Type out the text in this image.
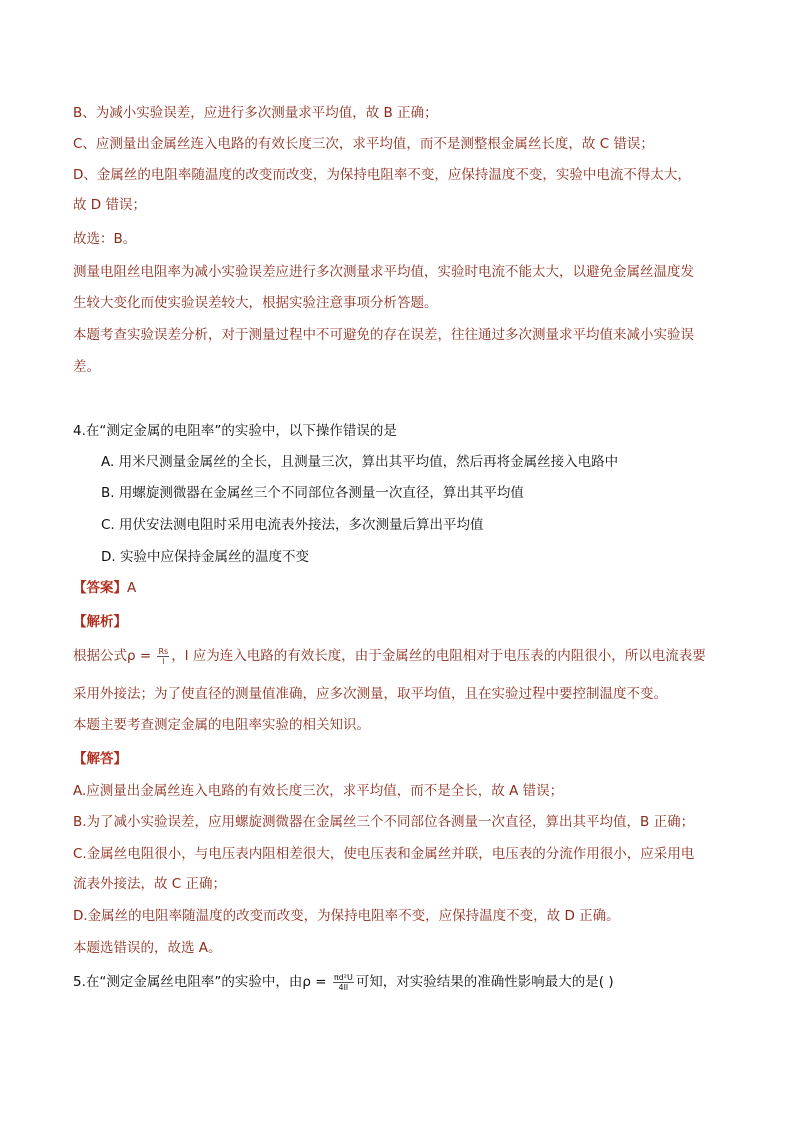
B、为减小实验误差，应进行多次测量求平均值，故 B 正确；
C、应测量出金属丝连入电路的有效长度三次，求平均值，而不是测整根金属丝长度，故 C 错误；
D、金属丝的电阻率随温度的改变而改变，为保持电阻率不变，应保持温度不变，实验中电流不得太大，
故 D 错误；
故选：B。
测量电阻丝电阻率为减小实验误差应进行多次测量求平均值，实验时电流不能太大，以避免金属丝温度发
生较大变化而使实验误差较大，根据实验注意事项分析答题。
本题考查实验误差分析，对于测量过程中不可避免的存在误差，往往通过多次测量求平均值来减小实验误
差。
4.在“测定金属的电阻率”的实验中，以下操作错误的是
A. 用米尺测量金属丝的全长，且测量三次，算出其平均值，然后再将金属丝接入电路中
B. 用螺旋测微器在金属丝三个不同部位各测量一次直径，算出其平均值
C. 用伏安法测电阻时采用电流表外接法，多次测量后算出平均值
D. 实验中应保持金属丝的温度不变
【答案】A
【解析】
根据公式$\rho = \frac{Rs}{l}$ ，l 应为连入电路的有效长度，由于金属丝的电阻相对于电压表的内阻很小，所以电流表要
采用外接法；为了使直径的测量值准确，应多次测量，取平均值，且在实验过程中要控制温度不变。
本题主要考查测定金属的电阻率实验的相关知识。
【解答】
A.应测量出金属丝连入电路的有效长度三次，求平均值，而不是全长，故 A 错误；
B.为了减小实验误差，应用螺旋测微器在金属丝三个不同部位各测量一次直径，算出其平均值，B 正确；
C.金属丝电阻很小，与电压表内阻相差很大，使电压表和金属丝并联，电压表的分流作用很小，应采用电
流表外接法，故 C 正确；
D.金属丝的电阻率随温度的改变而改变，为保持电阻率不变，应保持温度不变，故 D 正确。
本题选错误的，故选 A。
5.在“测定金属丝电阻率”的实验中，由$\rho = \frac{\text{πd²U}}{4Il}$ 可知，对实验结果的准确性影响最大的是( )
